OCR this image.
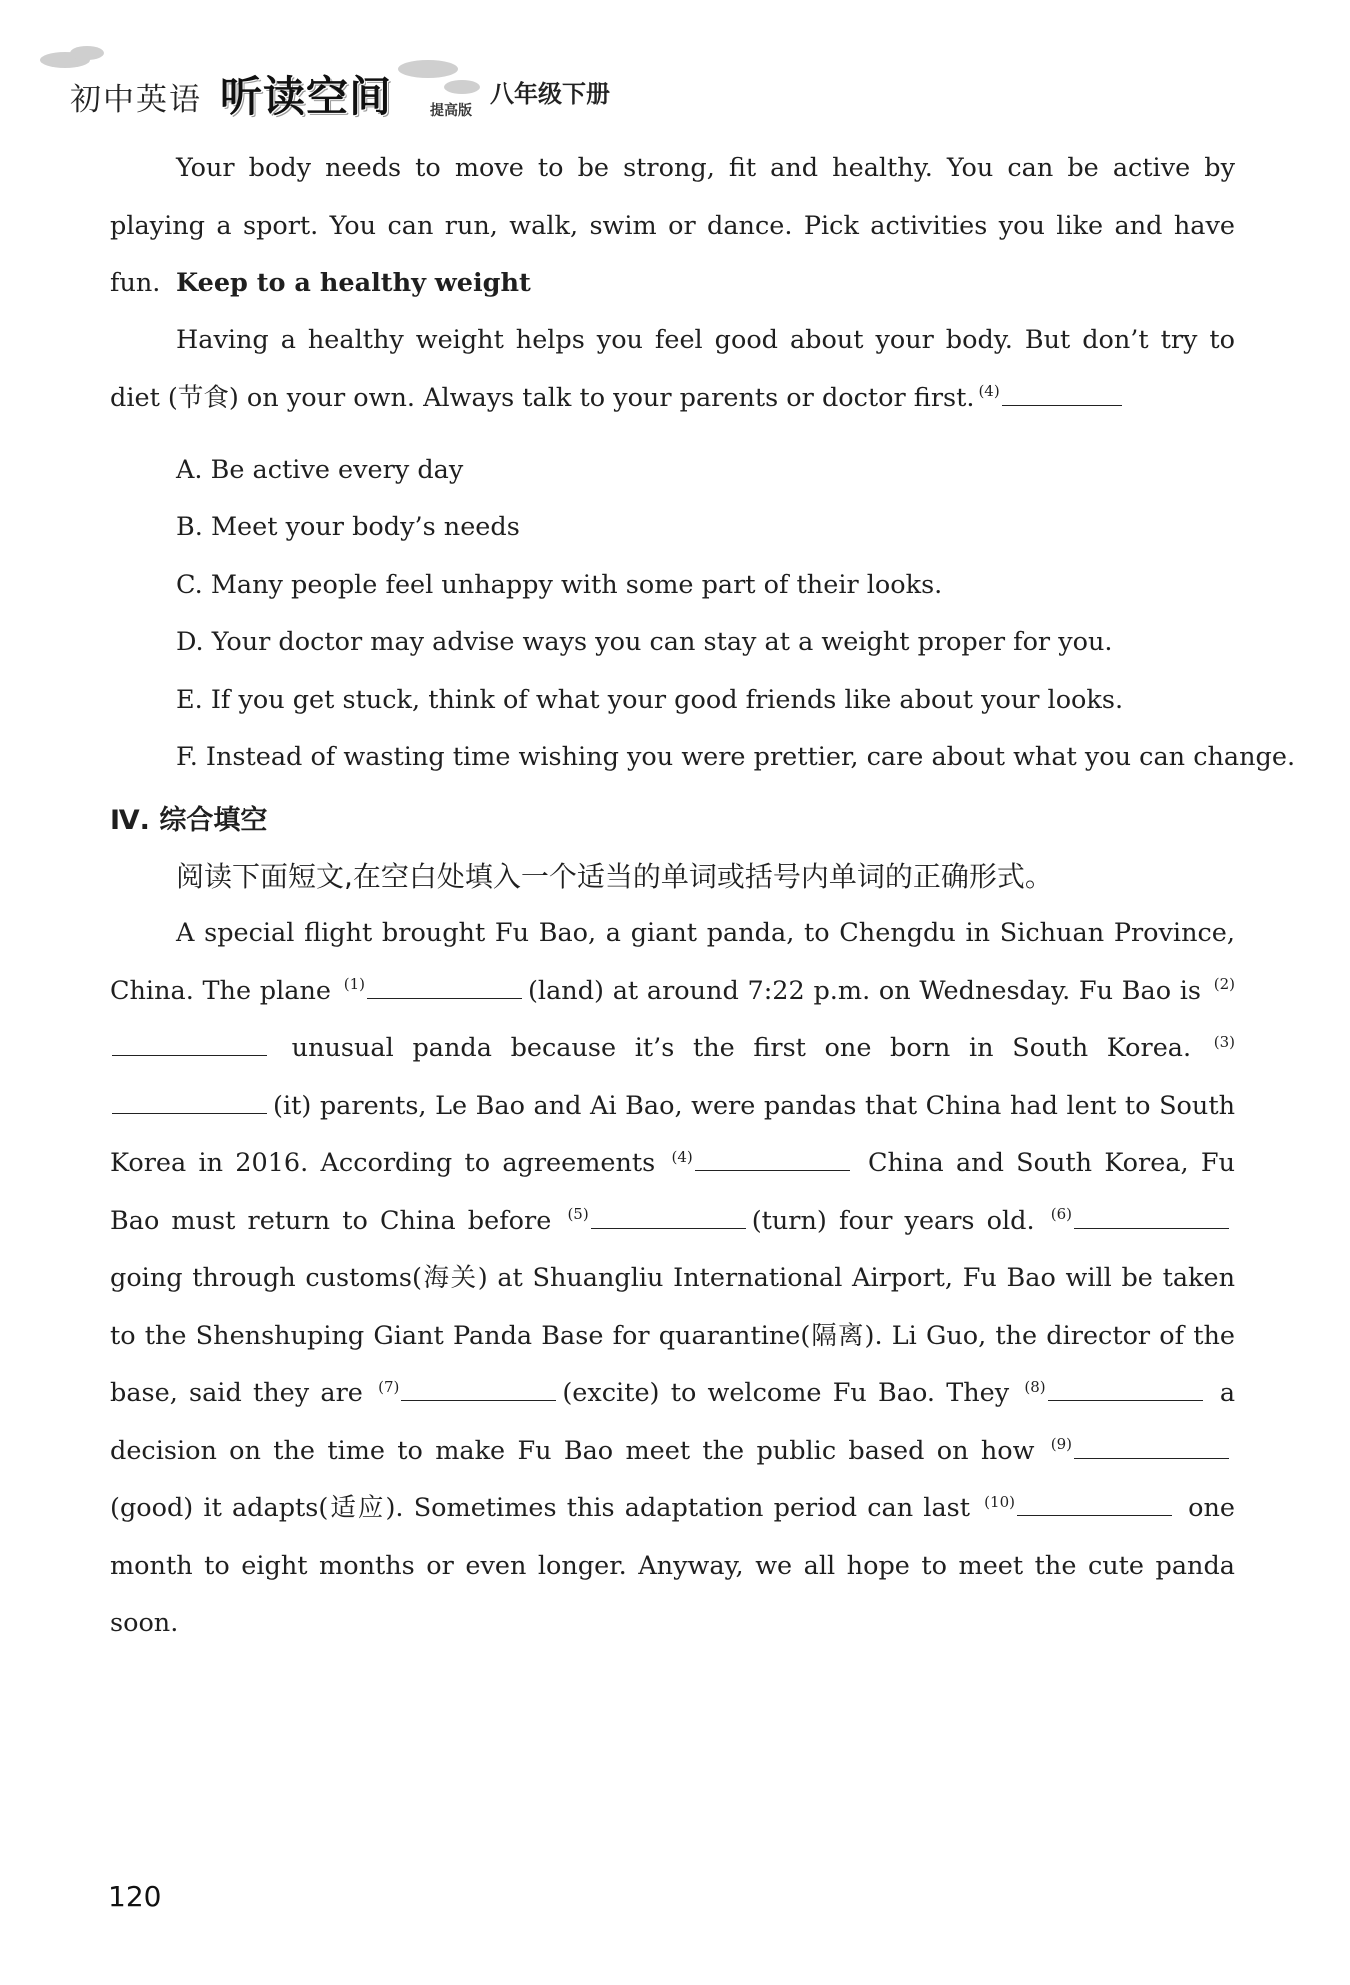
初中英语 听读空间	提高版
八年级下册
Your body needs to move to be strong, fit and healthy. You can be active by playing a sport. You can run, walk, swim or dance. Pick activities you like and have fun. Keep to a healthy weight
Having a healthy weight helps you feel good about your body. But don’t try to diet (节食) on your own. Always talk to your parents or doctor first. $^{(4)}$
A. Be active every day
B. Meet your body’s needs
C. Many people feel unhappy with some part of their looks.
D. Your doctor may advise ways you can stay at a weight proper for you.
E. If you get stuck, think of what your good friends like about your looks.
F. Instead of wasting time wishing you were prettier, care about what you can change.
Ⅳ. 综合填空
阅读下面短文,在空白处填入一个适当的单词或括号内单词的正确形式。
A special flight brought Fu Bao, a giant panda, to Chengdu in Sichuan Province, China. The plane $^{(1)}$	(land) at around 7:22 p.m. on Wednesday. Fu Bao is $^{(2)}$ unusual panda because it’s the first one born in South Korea. $^{(3)}$(it) parents, Le Bao and Ai Bao, were pandas that China had lent to South Korea in 2016. According to agreements $^{(4)}$	China and South Korea, Fu Bao must return to China before $^{(5)}$	(turn) four years old. $^{(6)}$ going through customs(海关) at Shuangliu International Airport, Fu Bao will be taken to the Shenshuping Giant Panda Base for quarantine(隔离). Li Guo, the director of the base, said they are $^{(7)}$	(excite) to welcome Fu Bao. They $^{(8)}$	a decision on the time to make Fu Bao meet the public based on how $^{(9)}$ (good) it adapts(适应). Sometimes this adaptation period can last $^{(10)}$	one month to eight months or even longer. Anyway, we all hope to meet the cute panda soon.
120
